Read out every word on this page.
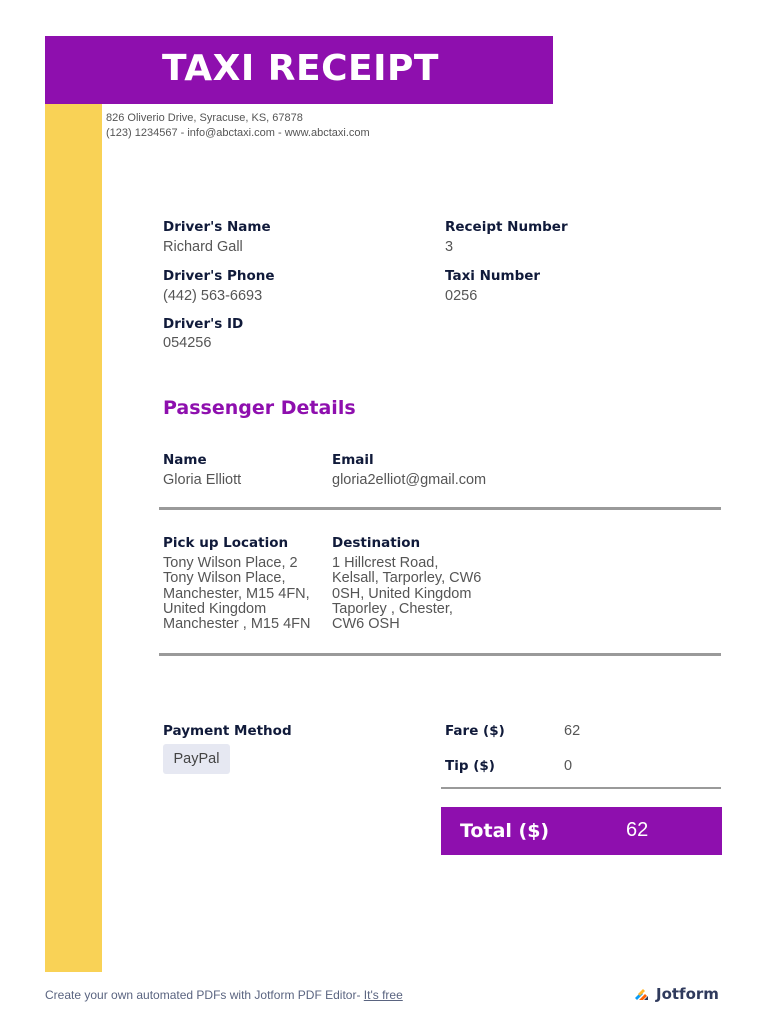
TAXI RECEIPT
826 Oliverio Drive, Syracuse, KS, 67878
(123) 1234567 - info@abctaxi.com - www.abctaxi.com
Driver's Name
Richard Gall
Driver's Phone
(442) 563-6693
Driver's ID
054256
Receipt Number
3
Taxi Number
0256
Passenger Details
Name
Gloria Elliott
Email
gloria2elliot@gmail.com
Pick up Location
Tony Wilson Place, 2
Tony Wilson Place,
Manchester, M15 4FN,
United Kingdom
Manchester , M15 4FN
Destination
1 Hillcrest Road,
Kelsall, Tarporley, CW6
0SH, United Kingdom
Taporley , Chester,
CW6 OSH
Payment Method
PayPal
Fare ($)	62
Tip ($)	0
Total ($)	62
Create your own automated PDFs with Jotform PDF Editor- It's free	Jotform
